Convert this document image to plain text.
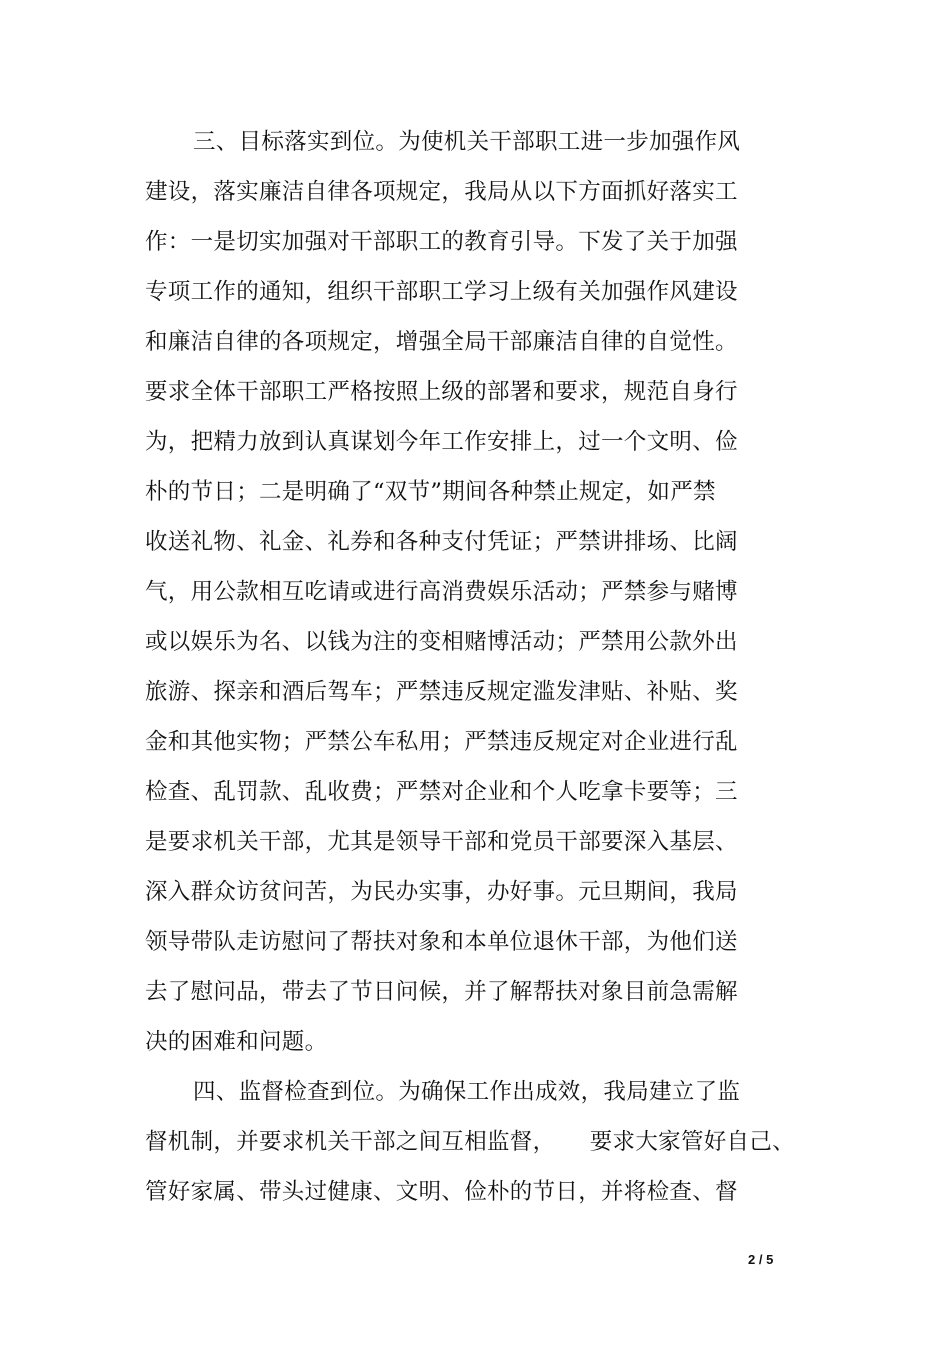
三、目标落实到位。为使机关干部职工进一步加强作风
建设，落实廉洁自律各项规定，我局从以下方面抓好落实工
作：一是切实加强对干部职工的教育引导。下发了关于加强
专项工作的通知，组织干部职工学习上级有关加强作风建设
和廉洁自律的各项规定，增强全局干部廉洁自律的自觉性。
要求全体干部职工严格按照上级的部署和要求，规范自身行
为，把精力放到认真谋划今年工作安排上，过一个文明、俭
朴的节日；二是明确了“双节”期间各种禁止规定，如严禁
收送礼物、礼金、礼券和各种支付凭证；严禁讲排场、比阔
气，用公款相互吃请或进行高消费娱乐活动；严禁参与赌博
或以娱乐为名、以钱为注的变相赌博活动；严禁用公款外出
旅游、探亲和酒后驾车；严禁违反规定滥发津贴、补贴、奖
金和其他实物；严禁公车私用；严禁违反规定对企业进行乱
检查、乱罚款、乱收费；严禁对企业和个人吃拿卡要等；三
是要求机关干部，尤其是领导干部和党员干部要深入基层、
深入群众访贫问苦，为民办实事，办好事。元旦期间，我局
领导带队走访慰问了帮扶对象和本单位退休干部，为他们送
去了慰问品，带去了节日问候，并了解帮扶对象目前急需解
决的困难和问题。
四、监督检查到位。为确保工作出成效，我局建立了监
督机制，并要求机关干部之间互相监督，　　要求大家管好自己、
管好家属、带头过健康、文明、俭朴的节日，并将检查、督
2 / 5
